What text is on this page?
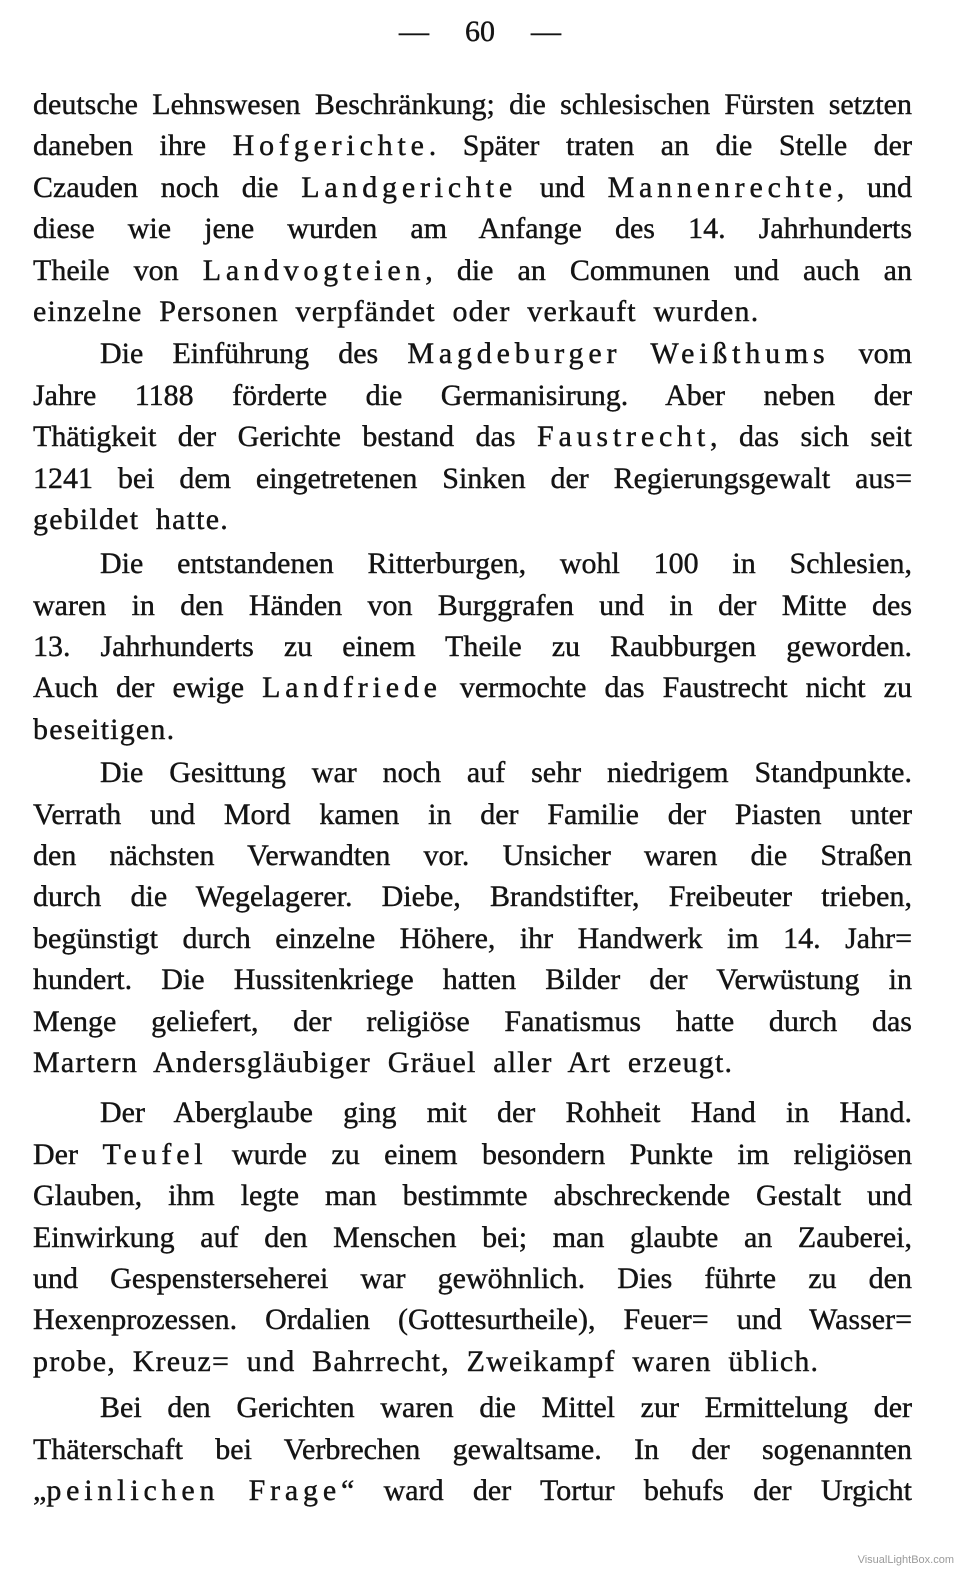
— 60 —
deutsche Lehnswesen Beschränkung; die schlesischen Fürsten setzten
daneben ihre Hofgerichte. Später traten an die Stelle der
Czauden noch die Landgerichte und Mannenrechte, und
diese wie jene wurden am Anfange des 14. Jahrhunderts
Theile von Landvogteien, die an Communen und auch an
einzelne Personen verpfändet oder verkauft wurden.
Die Einführung des Magdeburger Weißthums vom
Jahre 1188 förderte die Germanisirung. Aber neben der
Thätigkeit der Gerichte bestand das Faustrecht, das sich seit
1241 bei dem eingetretenen Sinken der Regierungsgewalt aus=
gebildet hatte.
Die entstandenen Ritterburgen, wohl 100 in Schlesien,
waren in den Händen von Burggrafen und in der Mitte des
13. Jahrhunderts zu einem Theile zu Raubburgen geworden.
Auch der ewige Landfriede vermochte das Faustrecht nicht zu
beseitigen.
Die Gesittung war noch auf sehr niedrigem Standpunkte.
Verrath und Mord kamen in der Familie der Piasten unter
den nächsten Verwandten vor. Unsicher waren die Straßen
durch die Wegelagerer. Diebe, Brandstifter, Freibeuter trieben,
begünstigt durch einzelne Höhere, ihr Handwerk im 14. Jahr=
hundert. Die Hussitenkriege hatten Bilder der Verwüstung in
Menge geliefert, der religiöse Fanatismus hatte durch das
Martern Andersgläubiger Gräuel aller Art erzeugt.
Der Aberglaube ging mit der Rohheit Hand in Hand.
Der Teufel wurde zu einem besondern Punkte im religiösen
Glauben, ihm legte man bestimmte abschreckende Gestalt und
Einwirkung auf den Menschen bei; man glaubte an Zauberei,
und Gespensterseherei war gewöhnlich. Dies führte zu den
Hexenprozessen. Ordalien (Gottesurtheile), Feuer= und Wasser=
probe, Kreuz= und Bahrrecht, Zweikampf waren üblich.
Bei den Gerichten waren die Mittel zur Ermittelung der
Thäterschaft bei Verbrechen gewaltsame. In der sogenannten
„peinlichen Frage“ ward der Tortur behufs der Urgicht
VisualLightBox.com
